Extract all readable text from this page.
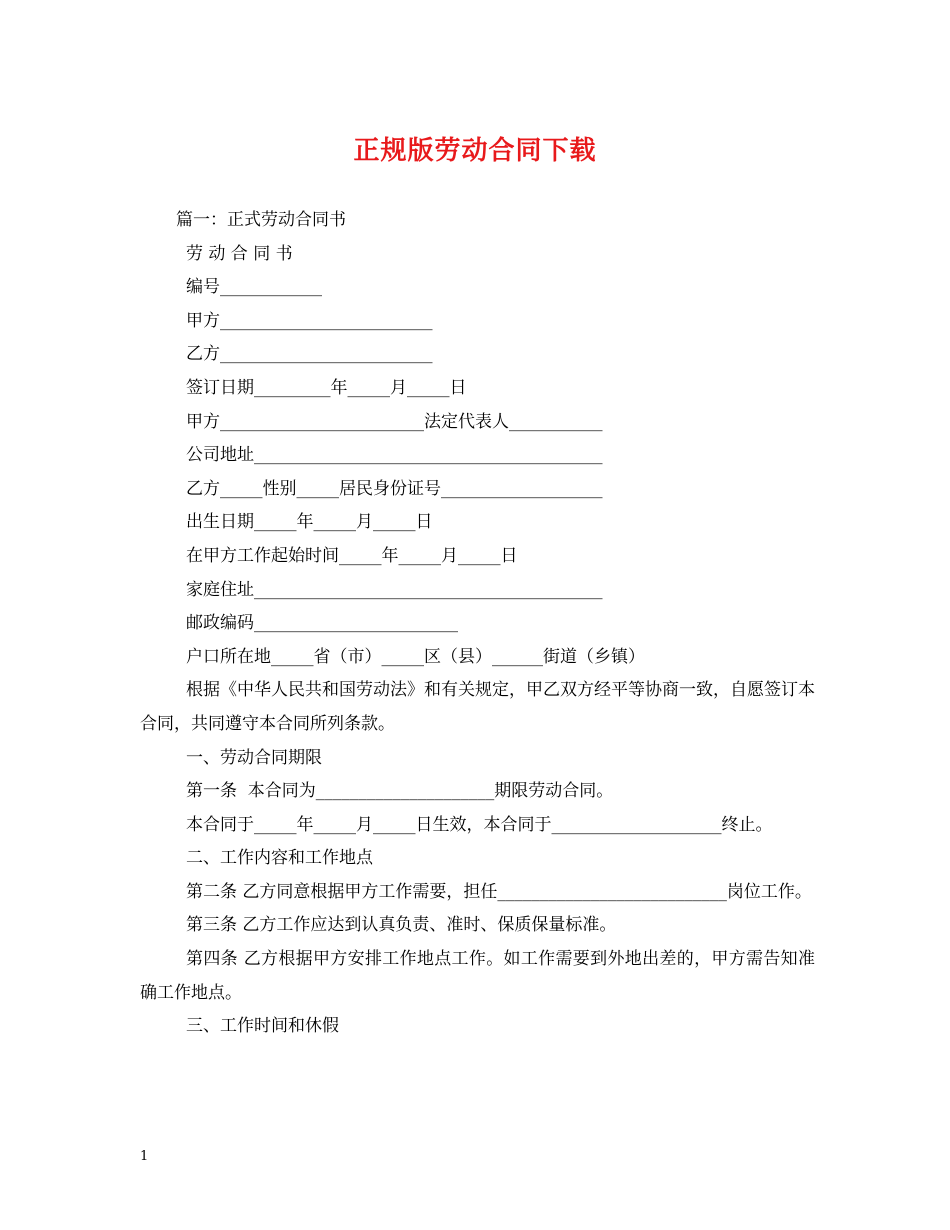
正规版劳动合同下载
篇一：正式劳动合同书
劳 动 合 同 书
编号____________
甲方_________________________
乙方_________________________
签订日期_________年_____月_____日
甲方________________________法定代表人___________
公司地址_________________________________________
乙方_____性别_____居民身份证号___________________
出生日期_____年_____月_____日
在甲方工作起始时间_____年_____月_____日
家庭住址_________________________________________
邮政编码________________________
户口所在地_____省（市）_____区（县）______街道（乡镇）

根据《中华人民共和国劳动法》和有关规定，甲乙双方经平等协商一致，自愿签订本合同，共同遵守本合同所列条款。

一、劳动合同期限
第一条  本合同为_____________________期限劳动合同。
本合同于_____年_____月_____日生效，本合同于____________________终止。
二、工作内容和工作地点

第二条 乙方同意根据甲方工作需要，担任___________________________岗位工作。

第三条 乙方工作应达到认真负责、准时、保质保量标准。

第四条 乙方根据甲方安排工作地点工作。如工作需要到外地出差的，甲方需告知准确工作地点。

三、工作时间和休假
1
